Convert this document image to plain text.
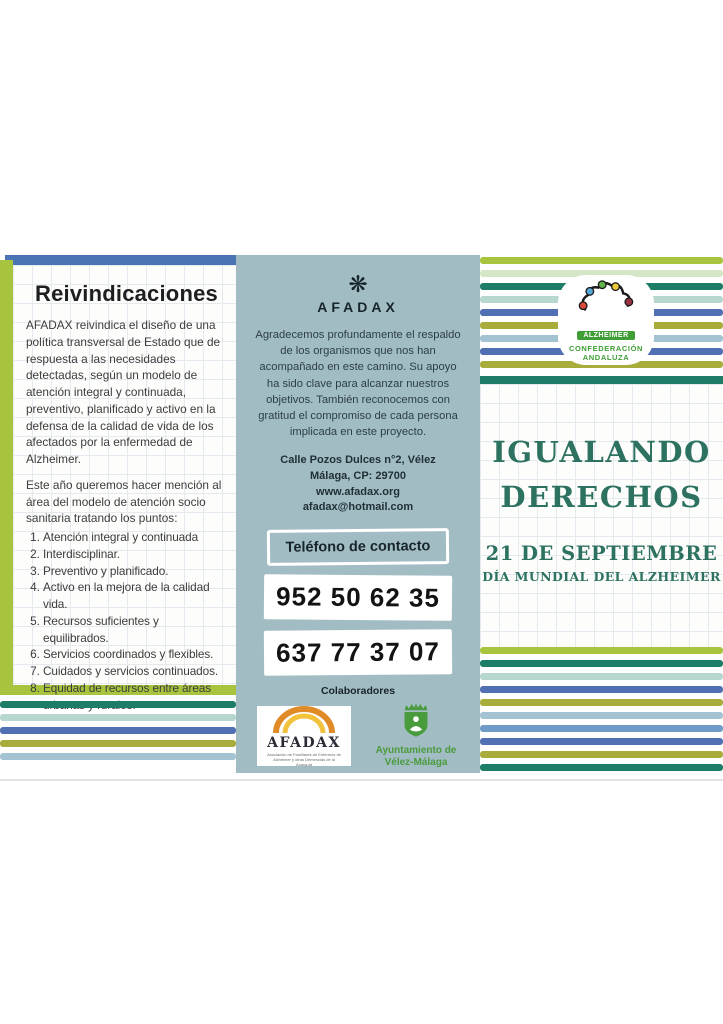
Reivindicaciones

AFADAX reivindica el diseño de una política transversal de Estado que de respuesta a las necesidades detectadas, según un modelo de atención integral y continuada, preventivo, planificado y activo en la defensa de la calidad de vida de los afectados por la enfermedad de Alzheimer.

Este año queremos hacer mención al área del modelo de atención socio sanitaria tratando los puntos:

1. Atención integral y continuada
2. Interdisciplinar.
3. Preventivo y planificado.
4. Activo en la mejora de la calidad vida.
5. Recursos suficientes y equilibrados.
6. Servicios coordinados y flexibles.
7. Cuidados y servicios continuados.
8. Equidad de recursos entre áreas
❋
AFADAX

Agradecemos profundamente el respaldo de los organismos que nos han acompañado en este camino. Su apoyo ha sido clave para alcanzar nuestros objetivos. También reconocemos con gratitud el compromiso de cada persona implicada en este proyecto.

Calle Pozos Dulces n°2, Vélez
Málaga, CP: 29700
www.afadax.org
afadax@hotmail.com
Teléfono de contacto
952 50 62 35
637 77 37 07
Colaboradores
AFADAX
Asociación de Familiares de Enfermos de Alzheimer y otras Demencias de la Axarquía
Ayuntamiento de
Vélez-Málaga
ALZHEIMER
CONFEDERACIÓN
ANDALUZA
IGUALANDO
DERECHOS
21 DE SEPTIEMBRE
DÍA MUNDIAL DEL ALZHEIMER
